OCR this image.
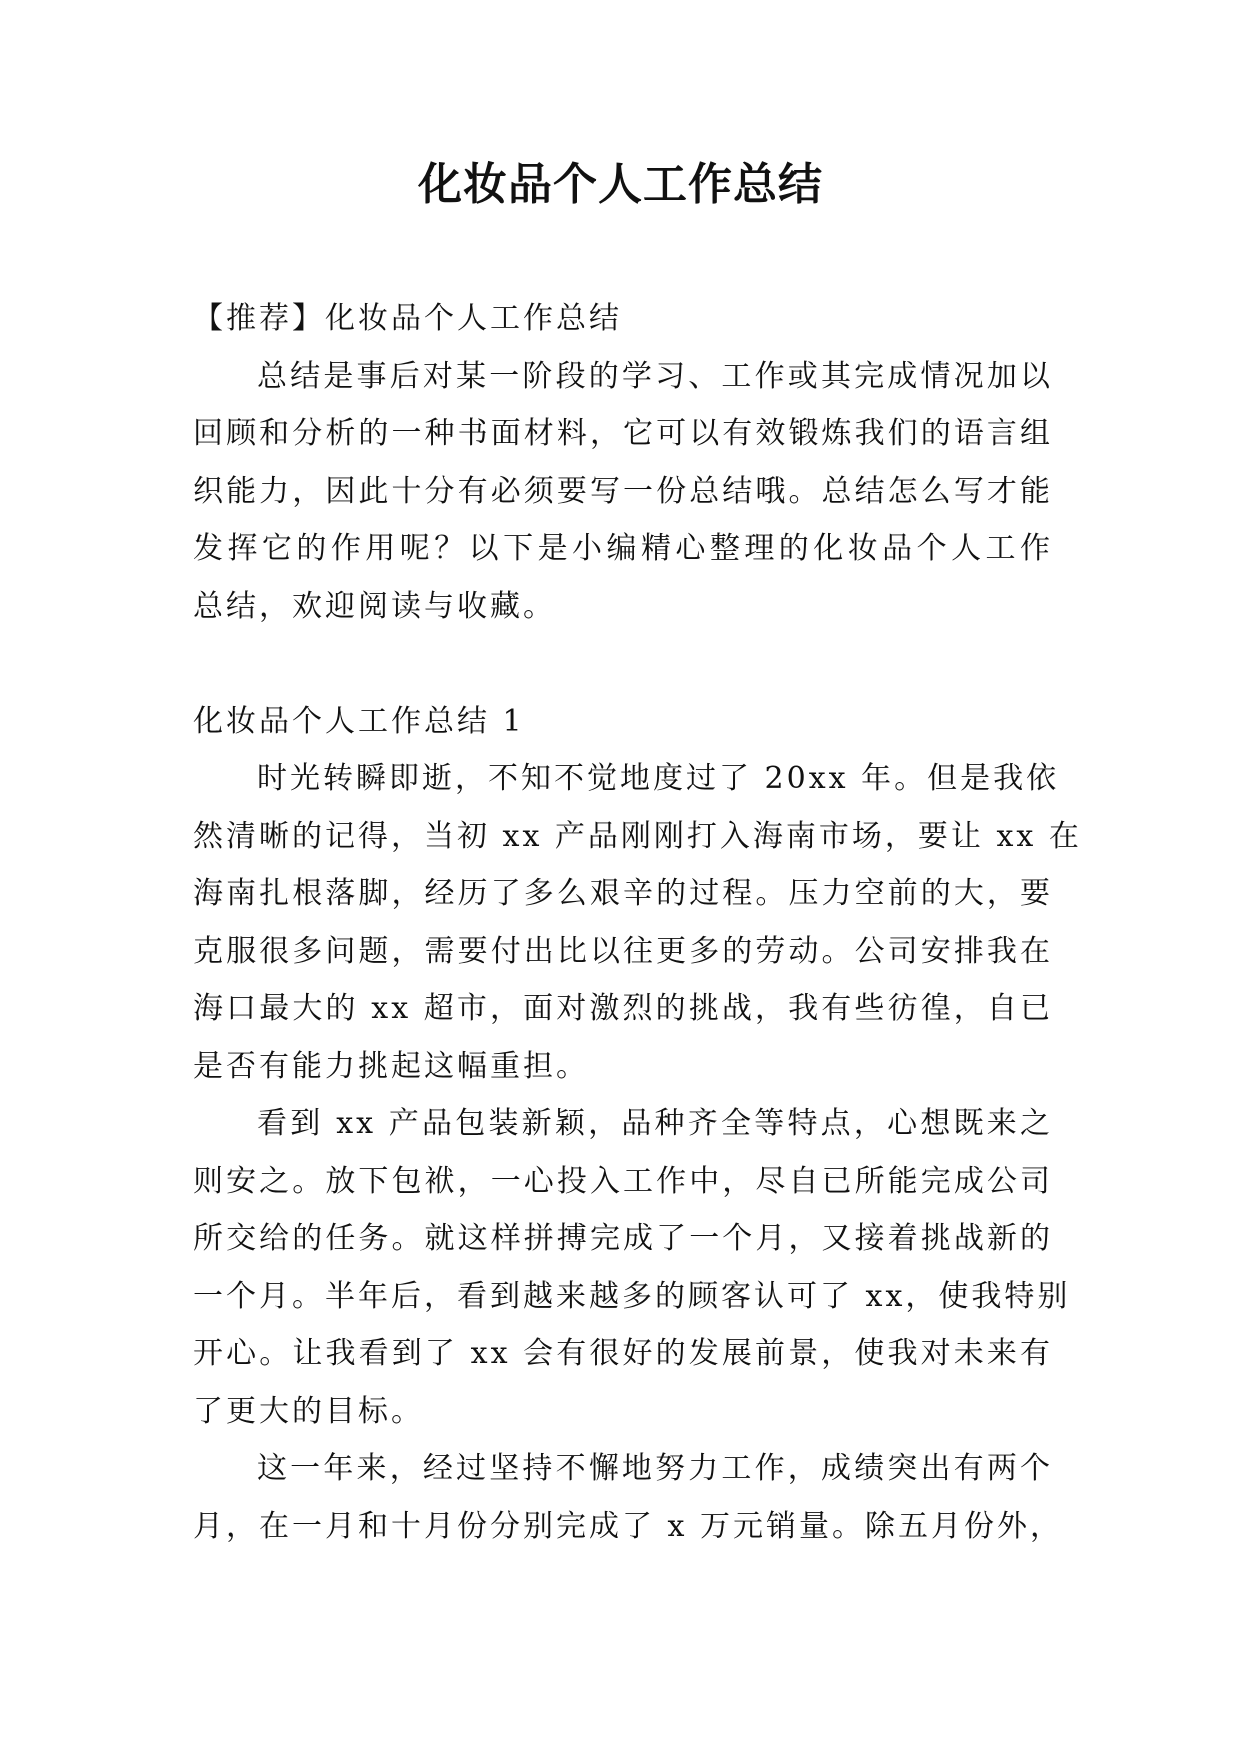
化妆品个人工作总结
【推荐】化妆品个人工作总结
总结是事后对某一阶段的学习、工作或其完成情况加以
回顾和分析的一种书面材料，它可以有效锻炼我们的语言组
织能力，因此十分有必须要写一份总结哦。总结怎么写才能
发挥它的作用呢？以下是小编精心整理的化妆品个人工作
总结，欢迎阅读与收藏。
化妆品个人工作总结 1
时光转瞬即逝，不知不觉地度过了 20xx 年。但是我依
然清晰的记得，当初 xx 产品刚刚打入海南市场，要让 xx 在
海南扎根落脚，经历了多么艰辛的过程。压力空前的大，要
克服很多问题，需要付出比以往更多的劳动。公司安排我在
海口最大的 xx 超市，面对激烈的挑战，我有些彷徨，自已
是否有能力挑起这幅重担。
看到 xx 产品包装新颖，品种齐全等特点，心想既来之
则安之。放下包袱，一心投入工作中，尽自已所能完成公司
所交给的任务。就这样拼搏完成了一个月，又接着挑战新的
一个月。半年后，看到越来越多的顾客认可了 xx，使我特别
开心。让我看到了 xx 会有很好的发展前景，使我对未来有
了更大的目标。
这一年来，经过坚持不懈地努力工作，成绩突出有两个
月，在一月和十月份分别完成了 x 万元销量。除五月份外，
